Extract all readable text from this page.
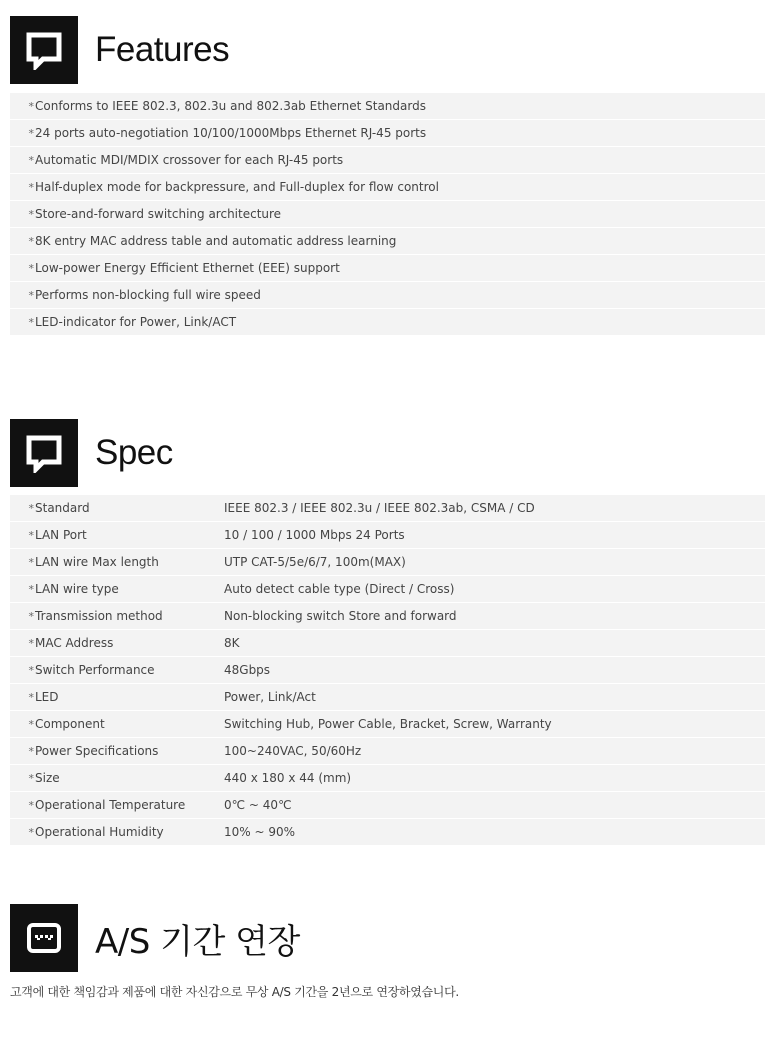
Features
* Conforms to IEEE 802.3, 802.3u and 802.3ab Ethernet Standards
* 24 ports auto-negotiation 10/100/1000Mbps Ethernet RJ-45 ports
* Automatic MDI/MDIX crossover for each RJ-45 ports
* Half-duplex mode for backpressure, and Full-duplex for flow control
* Store-and-forward switching architecture
* 8K entry MAC address table and automatic address learning
* Low-power Energy Efficient Ethernet (EEE) support
* Performs non-blocking full wire speed
* LED-indicator for Power, Link/ACT
Spec
* Standard	IEEE 802.3 / IEEE 802.3u / IEEE 802.3ab, CSMA / CD
* LAN Port	10 / 100 / 1000 Mbps 24 Ports
* LAN wire Max length	UTP CAT-5/5e/6/7, 100m(MAX)
* LAN wire type	Auto detect cable type (Direct / Cross)
* Transmission method	Non-blocking switch Store and forward
* MAC Address	8K
* Switch Performance	48Gbps
* LED	Power, Link/Act
* Component	Switching Hub, Power Cable, Bracket, Screw, Warranty
* Power Specifications	100~240VAC, 50/60Hz
* Size	440 x 180 x 44 (mm)
* Operational Temperature	0℃ ~ 40℃
* Operational Humidity	10% ~ 90%
A/S 기간 연장
고객에 대한 책임감과 제품에 대한 자신감으로 무상 A/S 기간을 2년으로 연장하였습니다.
